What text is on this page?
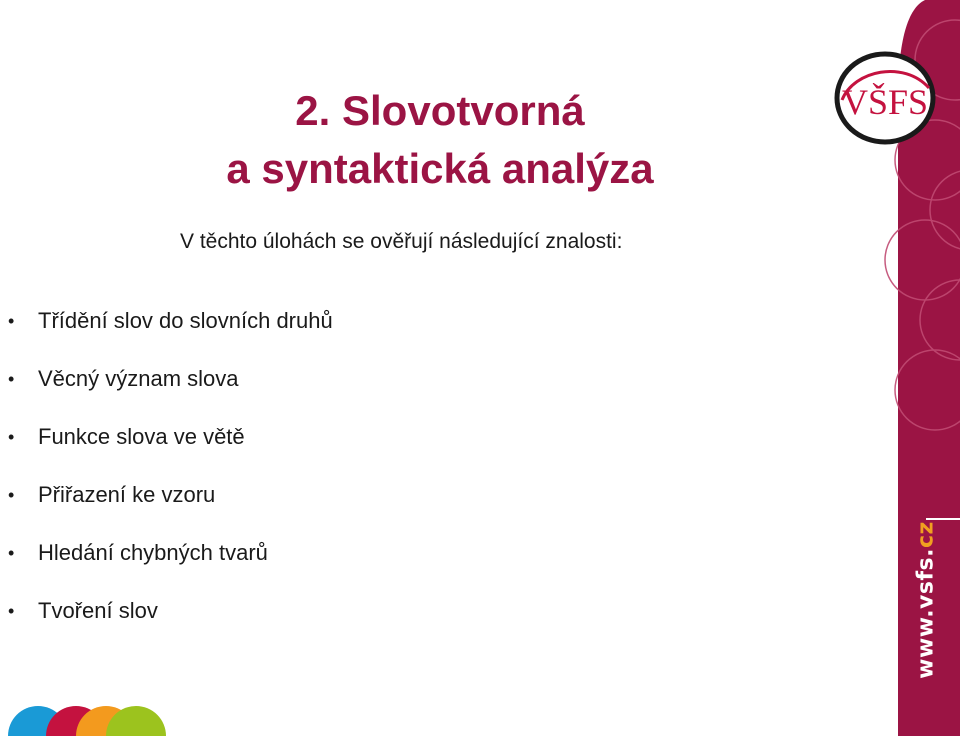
VŠFS
www.vsfs.cz
2. Slovotvorná
a syntaktická analýza
V těchto úlohách se ověřují následující znalosti:
• Třídění slov do slovních druhů
• Věcný význam slova
• Funkce slova ve větě
• Přiřazení ke vzoru
• Hledání chybných tvarů
• Tvoření slov
